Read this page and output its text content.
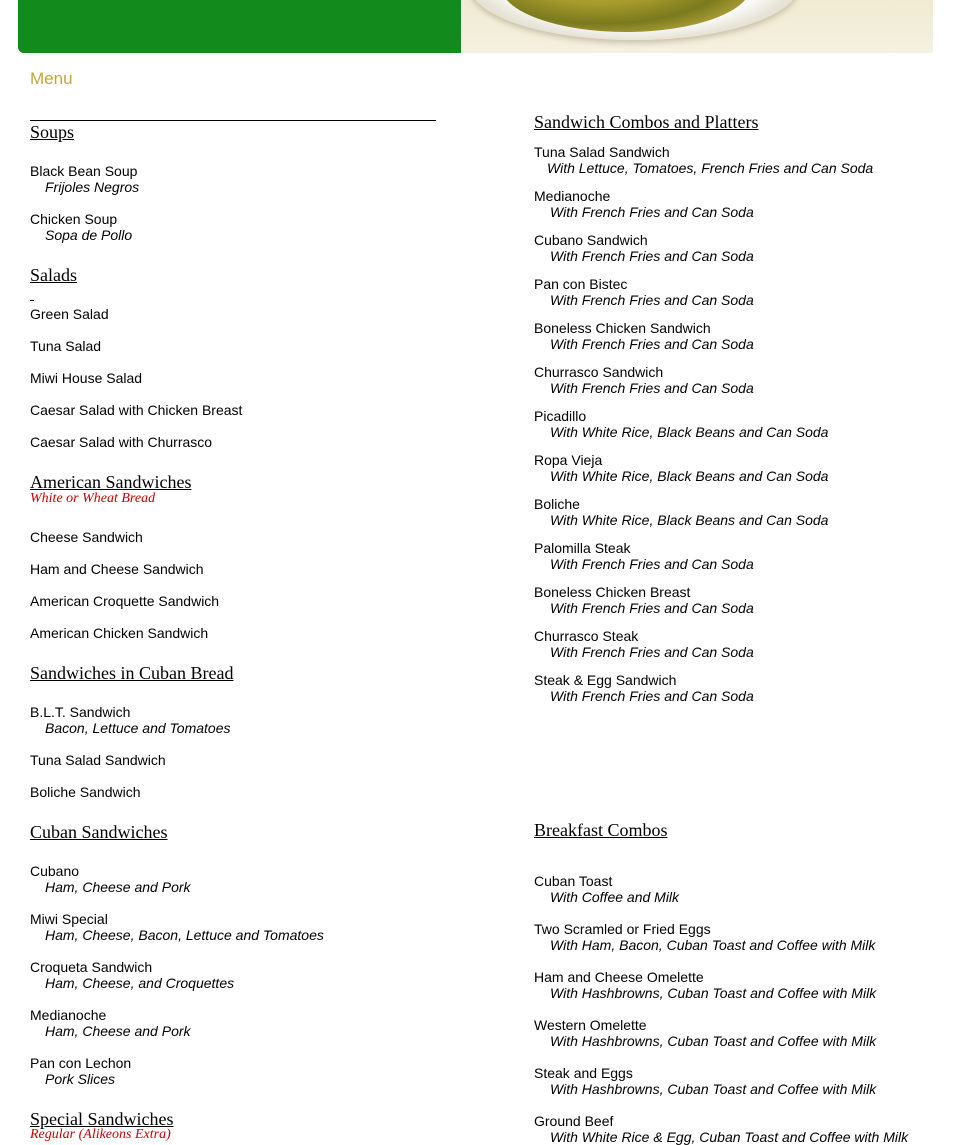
Menu
Soups
Black Bean Soup
Frijoles Negros
Chicken Soup
Sopa de Pollo
Salads
Green Salad
Tuna Salad
Miwi House Salad
Caesar Salad with Chicken Breast
Caesar Salad with Churrasco
American Sandwiches
White or Wheat Bread
Cheese Sandwich
Ham and Cheese Sandwich
American Croquette Sandwich
American Chicken Sandwich
Sandwiches in Cuban Bread
B.L.T. Sandwich
Bacon, Lettuce and Tomatoes
Tuna Salad Sandwich
Boliche Sandwich
Cuban Sandwiches
Cubano
Ham, Cheese and Pork
Miwi Special
Ham, Cheese, Bacon, Lettuce and Tomatoes
Croqueta Sandwich
Ham, Cheese, and Croquettes
Medianoche
Ham, Cheese and Pork
Pan con Lechon
Pork Slices
Special Sandwiches
Regular (Alikeons Extra)
Sandwich Combos and Platters
Tuna Salad Sandwich
With Lettuce, Tomatoes, French Fries and Can Soda
Medianoche
With French Fries and Can Soda
Cubano Sandwich
With French Fries and Can Soda
Pan con Bistec
With French Fries and Can Soda
Boneless Chicken Sandwich
With French Fries and Can Soda
Churrasco Sandwich
With French Fries and Can Soda
Picadillo
With White Rice, Black Beans and Can Soda
Ropa Vieja
With White Rice, Black Beans and Can Soda
Boliche
With White Rice, Black Beans and Can Soda
Palomilla Steak
With French Fries and Can Soda
Boneless Chicken Breast
With French Fries and Can Soda
Churrasco Steak
With French Fries and Can Soda
Steak & Egg Sandwich
With French Fries and Can Soda
Breakfast Combos
Cuban Toast
With Coffee and Milk
Two Scramled or Fried Eggs
With Ham, Bacon, Cuban Toast and Coffee with Milk
Ham and Cheese Omelette
With Hashbrowns, Cuban Toast and Coffee with Milk
Western Omelette
With Hashbrowns, Cuban Toast and Coffee with Milk
Steak and Eggs
With Hashbrowns, Cuban Toast and Coffee with Milk
Ground Beef
With White Rice & Egg, Cuban Toast and Coffee with Milk
